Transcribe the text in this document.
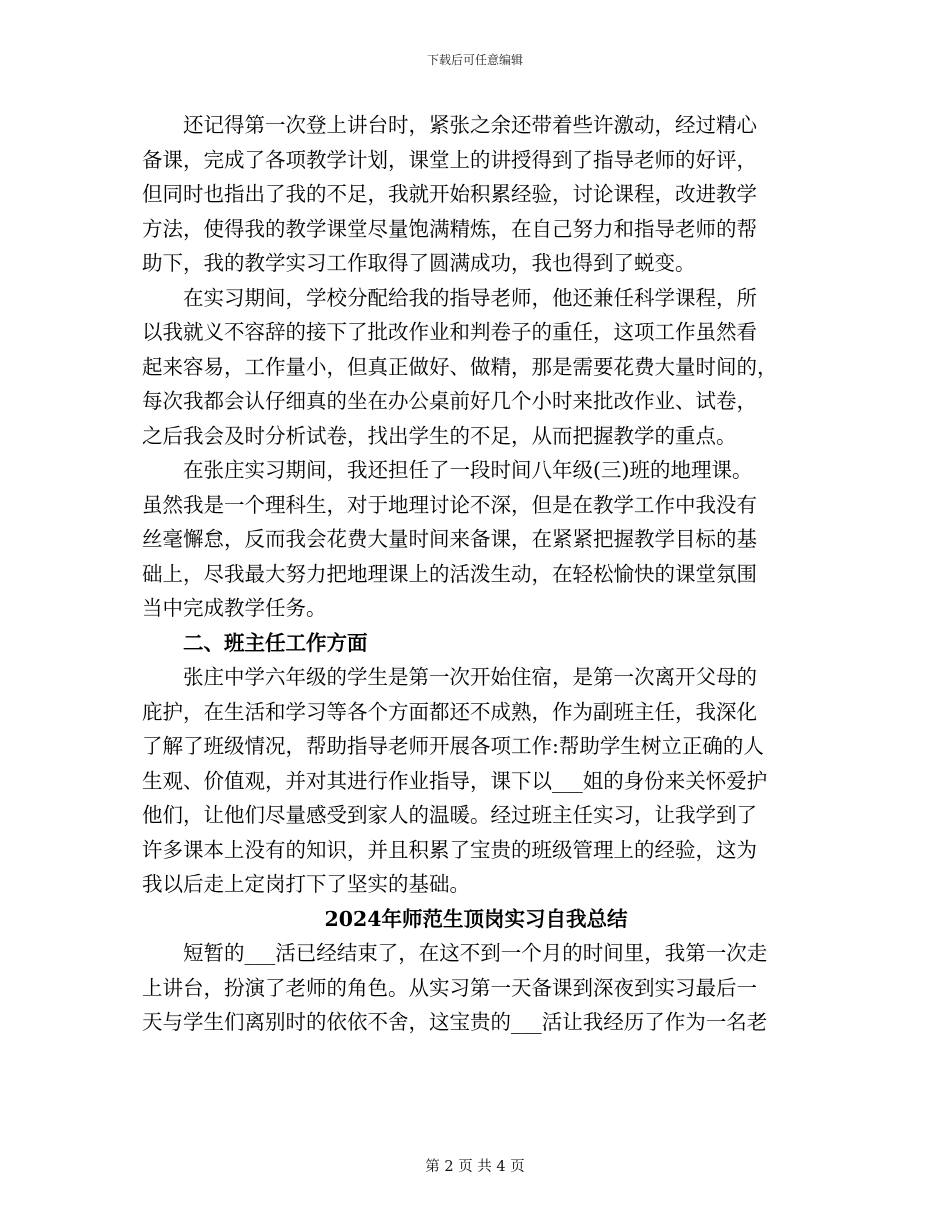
下载后可任意编辑
还记得第一次登上讲台时，紧张之余还带着些许激动，经过精心
备课，完成了各项教学计划，课堂上的讲授得到了指导老师的好评，
但同时也指出了我的不足，我就开始积累经验，讨论课程，改进教学
方法，使得我的教学课堂尽量饱满精炼，在自己努力和指导老师的帮
助下，我的教学实习工作取得了圆满成功，我也得到了蜕变。
在实习期间，学校分配给我的指导老师，他还兼任科学课程，所
以我就义不容辞的接下了批改作业和判卷子的重任，这项工作虽然看
起来容易，工作量小，但真正做好、做精，那是需要花费大量时间的，
每次我都会认仔细真的坐在办公桌前好几个小时来批改作业、试卷，
之后我会及时分析试卷，找出学生的不足，从而把握教学的重点。
在张庄实习期间，我还担任了一段时间八年级(三)班的地理课。
虽然我是一个理科生，对于地理讨论不深，但是在教学工作中我没有
丝毫懈怠，反而我会花费大量时间来备课，在紧紧把握教学目标的基
础上，尽我最大努力把地理课上的活泼生动，在轻松愉快的课堂氛围
当中完成教学任务。
二、班主任工作方面
张庄中学六年级的学生是第一次开始住宿，是第一次离开父母的
庇护，在生活和学习等各个方面都还不成熟，作为副班主任，我深化
了解了班级情况，帮助指导老师开展各项工作:帮助学生树立正确的人
生观、价值观，并对其进行作业指导，课下以___姐的身份来关怀爱护
他们，让他们尽量感受到家人的温暖。经过班主任实习，让我学到了
许多课本上没有的知识，并且积累了宝贵的班级管理上的经验，这为
我以后走上定岗打下了坚实的基础。
2024年师范生顶岗实习自我总结
短暂的___活已经结束了，在这不到一个月的时间里，我第一次走
上讲台，扮演了老师的角色。从实习第一天备课到深夜到实习最后一
天与学生们离别时的依依不舍，这宝贵的___活让我经历了作为一名老
第 2 页 共 4 页
